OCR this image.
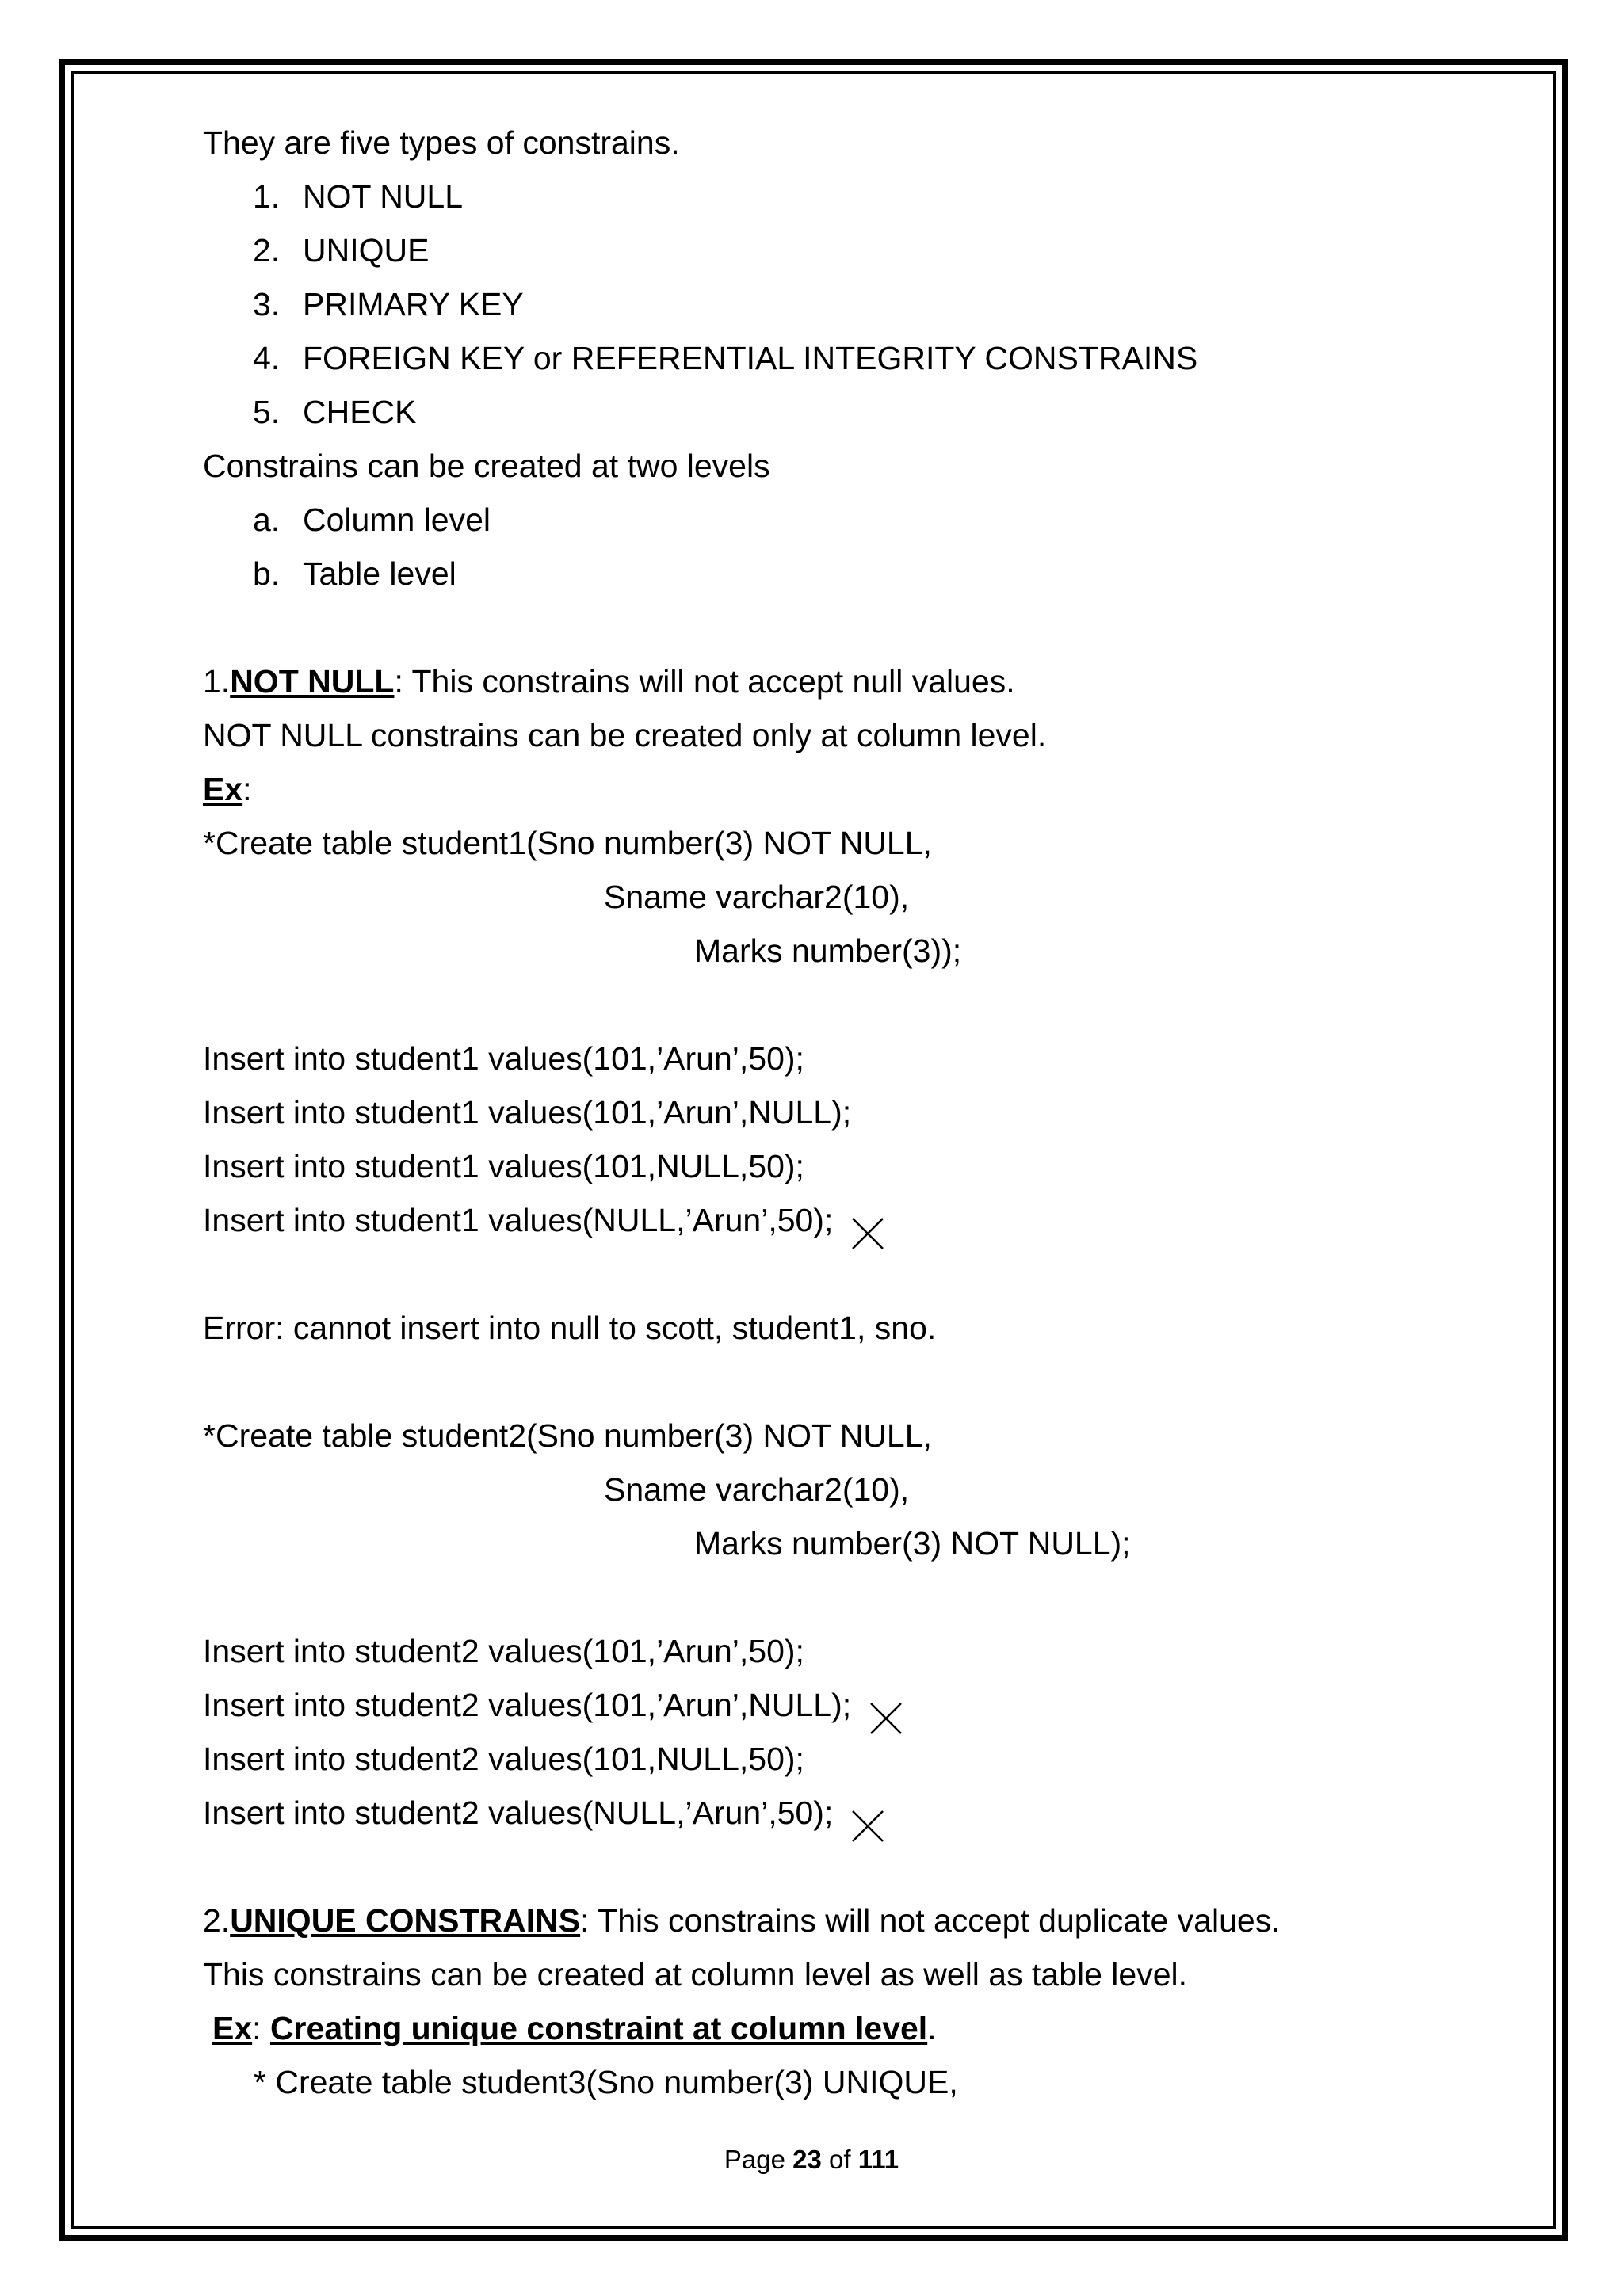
They are five types of constrains.
1. NOT NULL
2. UNIQUE
3. PRIMARY KEY
4. FOREIGN KEY or REFERENTIAL INTEGRITY CONSTRAINS
5. CHECK
Constrains can be created at two levels
a. Column level
b. Table level
1.NOT NULL: This constrains will not accept null values.
NOT NULL constrains can be created only at column level.
Ex:
*Create table student1(Sno number(3) NOT NULL,
Sname varchar2(10),
Marks number(3));
Insert into student1 values(101,’Arun’,50);
Insert into student1 values(101,’Arun’,NULL);
Insert into student1 values(101,NULL,50);
Insert into student1 values(NULL,’Arun’,50);
Error: cannot insert into null to scott, student1, sno.
*Create table student2(Sno number(3) NOT NULL,
Sname varchar2(10),
Marks number(3) NOT NULL);
Insert into student2 values(101,’Arun’,50);
Insert into student2 values(101,’Arun’,NULL);
Insert into student2 values(101,NULL,50);
Insert into student2 values(NULL,’Arun’,50);
2.UNIQUE CONSTRAINS: This constrains will not accept duplicate values.
This constrains can be created at column level as well as table level.
Ex: Creating unique constraint at column level.
* Create table student3(Sno number(3) UNIQUE,
Page 23 of 111
